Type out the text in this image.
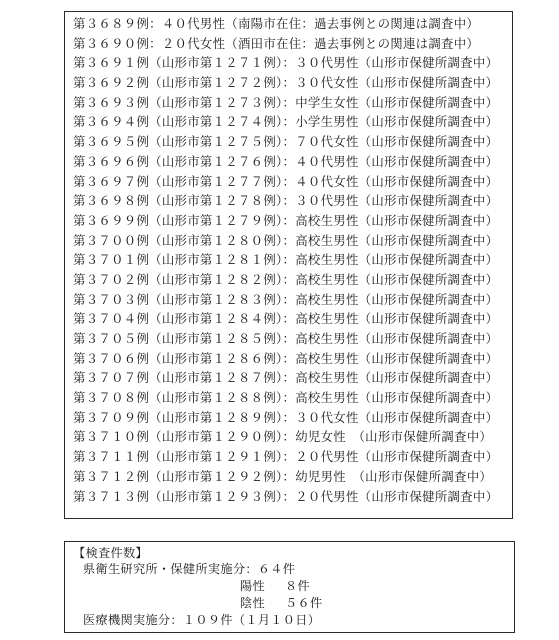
第３６８９例：４０代男性（南陽市在住：過去事例との関連は調査中）
第３６９０例：２０代女性（酒田市在住：過去事例との関連は調査中）
第３６９１例（山形市第１２７１例）：３０代男性（山形市保健所調査中）
第３６９２例（山形市第１２７２例）：３０代女性（山形市保健所調査中）
第３６９３例（山形市第１２７３例）：中学生女性（山形市保健所調査中）
第３６９４例（山形市第１２７４例）：小学生男性（山形市保健所調査中）
第３６９５例（山形市第１２７５例）：７０代女性（山形市保健所調査中）
第３６９６例（山形市第１２７６例）：４０代男性（山形市保健所調査中）
第３６９７例（山形市第１２７７例）：４０代女性（山形市保健所調査中）
第３６９８例（山形市第１２７８例）：３０代男性（山形市保健所調査中）
第３６９９例（山形市第１２７９例）：高校生男性（山形市保健所調査中）
第３７００例（山形市第１２８０例）：高校生男性（山形市保健所調査中）
第３７０１例（山形市第１２８１例）：高校生男性（山形市保健所調査中）
第３７０２例（山形市第１２８２例）：高校生男性（山形市保健所調査中）
第３７０３例（山形市第１２８３例）：高校生男性（山形市保健所調査中）
第３７０４例（山形市第１２８４例）：高校生男性（山形市保健所調査中）
第３７０５例（山形市第１２８５例）：高校生男性（山形市保健所調査中）
第３７０６例（山形市第１２８６例）：高校生男性（山形市保健所調査中）
第３７０７例（山形市第１２８７例）：高校生男性（山形市保健所調査中）
第３７０８例（山形市第１２８８例）：高校生男性（山形市保健所調査中）
第３７０９例（山形市第１２８９例）：３０代女性（山形市保健所調査中）
第３７１０例（山形市第１２９０例）：幼児女性　（山形市保健所調査中）
第３７１１例（山形市第１２９１例）：２０代男性（山形市保健所調査中）
第３７１２例（山形市第１２９２例）：幼児男性　（山形市保健所調査中）
第３７１３例（山形市第１２９３例）：２０代男性（山形市保健所調査中）
【検査件数】
県衛生研究所・保健所実施分：６４件
陽性 ８件
陰性 ５６件
医療機関実施分：１０９件（１月１０日）
